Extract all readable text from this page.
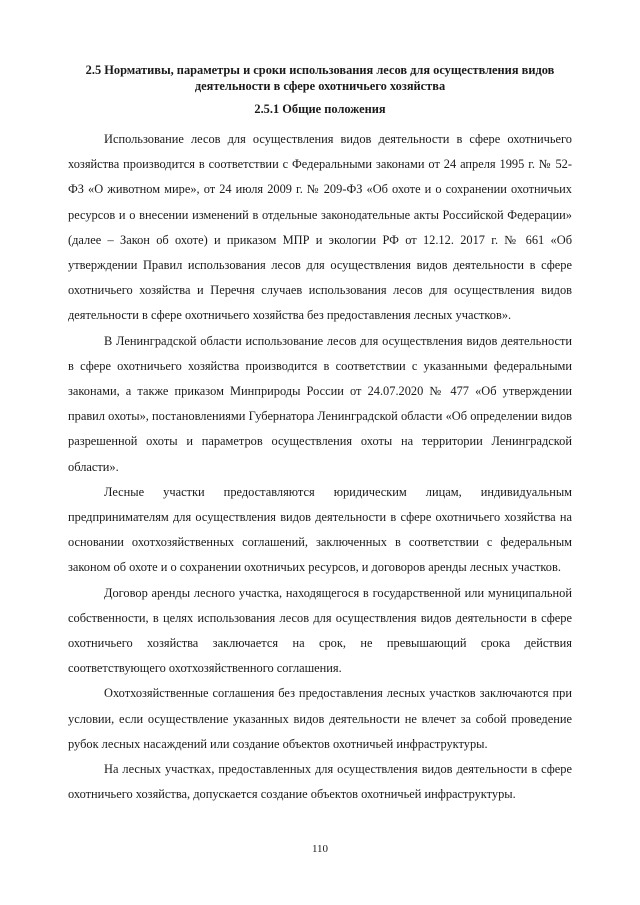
2.5 Нормативы, параметры и сроки использования лесов для осуществления видов деятельности в сфере охотничьего хозяйства
2.5.1 Общие положения

Использование лесов для осуществления видов деятельности в сфере охотничьего хозяйства производится в соответствии с Федеральными законами от 24 апреля 1995 г. № 52-ФЗ «О животном мире», от 24 июля 2009 г. № 209-ФЗ «Об охоте и о сохранении охотничьих ресурсов и о внесении изменений в отдельные законодательные акты Российской Федерации» (далее – Закон об охоте) и приказом МПР и экологии РФ от 12.12. 2017 г. № 661 «Об утверждении Правил использования лесов для осуществления видов деятельности в сфере охотничьего хозяйства и Перечня случаев использования лесов для осуществления видов деятельности в сфере охотничьего хозяйства без предоставления лесных участков».

В Ленинградской области использование лесов для осуществления видов деятельности в сфере охотничьего хозяйства производится в соответствии с указанными федеральными законами, а также приказом Минприроды России от 24.07.2020 № 477 «Об утверждении правил охоты», постановлениями Губернатора Ленинградской области «Об определении видов разрешенной охоты и параметров осуществления охоты на территории Ленинградской области».

Лесные участки предоставляются юридическим лицам, индивидуальным предпринимателям для осуществления видов деятельности в сфере охотничьего хозяйства на основании охотхозяйственных соглашений, заключенных в соответствии с федеральным законом об охоте и о сохранении охотничьих ресурсов, и договоров аренды лесных участков.

Договор аренды лесного участка, находящегося в государственной или муниципальной собственности, в целях использования лесов для осуществления видов деятельности в сфере охотничьего хозяйства заключается на срок, не превышающий срока действия соответствующего охотхозяйственного соглашения.

Охотхозяйственные соглашения без предоставления лесных участков заключаются при условии, если осуществление указанных видов деятельности не влечет за собой проведение рубок лесных насаждений или создание объектов охотничьей инфраструктуры.

На лесных участках, предоставленных для осуществления видов деятельности в сфере охотничьего хозяйства, допускается создание объектов охотничьей инфраструктуры.

110
